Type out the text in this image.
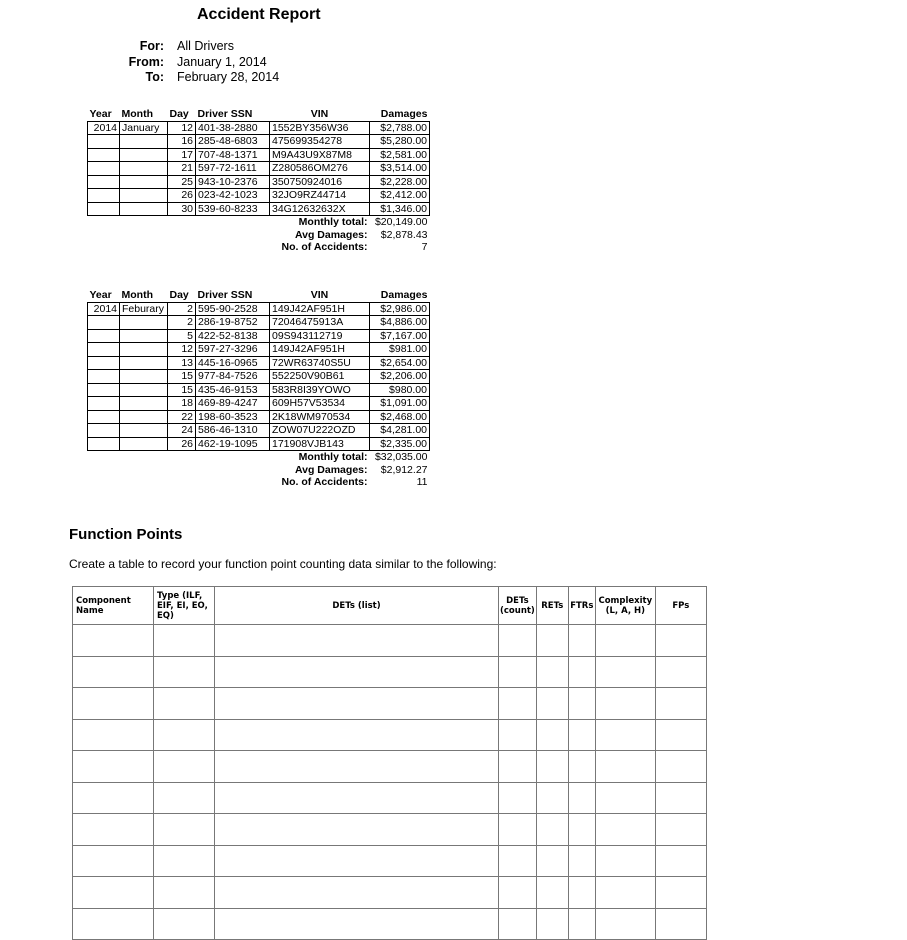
Accident Report
For:	All Drivers
From:	January 1, 2014
To:	February 28, 2014
Year	Month	Day	Driver SSN	VIN	Damages
2014	January	12	401-38-2880	1552BY356W36	$2,788.00
		16	285-48-6803	475699354278	$5,280.00
		17	707-48-1371	M9A43U9X87M8	$2,581.00
		21	597-72-1611	Z280586OM276	$3,514.00
		25	943-10-2376	350750924016	$2,228.00
		26	023-42-1023	32JO9RZ44714	$2,412.00
		30	539-60-8233	34G12632632X	$1,346.00
Monthly total:					$20,149.00
Avg Damages:					$2,878.43
No. of Accidents:					7
Year	Month	Day	Driver SSN	VIN	Damages
2014	Feburary	2	595-90-2528	149J42AF951H	$2,986.00
		2	286-19-8752	72046475913A	$4,886.00
		5	422-52-8138	09S943112719	$7,167.00
		12	597-27-3296	149J42AF951H	$981.00
		13	445-16-0965	72WR63740S5U	$2,654.00
		15	977-84-7526	552250V90B61	$2,206.00
		15	435-46-9153	583R8I39YOWO	$980.00
		18	469-89-4247	609H57V53534	$1,091.00
		22	198-60-3523	2K18WM970534	$2,468.00
		24	586-46-1310	ZOW07U222OZD	$4,281.00
		26	462-19-1095	171908VJB143	$2,335.00
Monthly total:					$32,035.00
Avg Damages:					$2,912.27
No. of Accidents:					11
Function Points
Create a table to record your function point counting data similar to the following:
Component Name	Type (ILF, EIF, EI, EO, EQ)	DETs (list)	DETs (count)	RETs	FTRs	Complexity (L, A, H)	FPs
